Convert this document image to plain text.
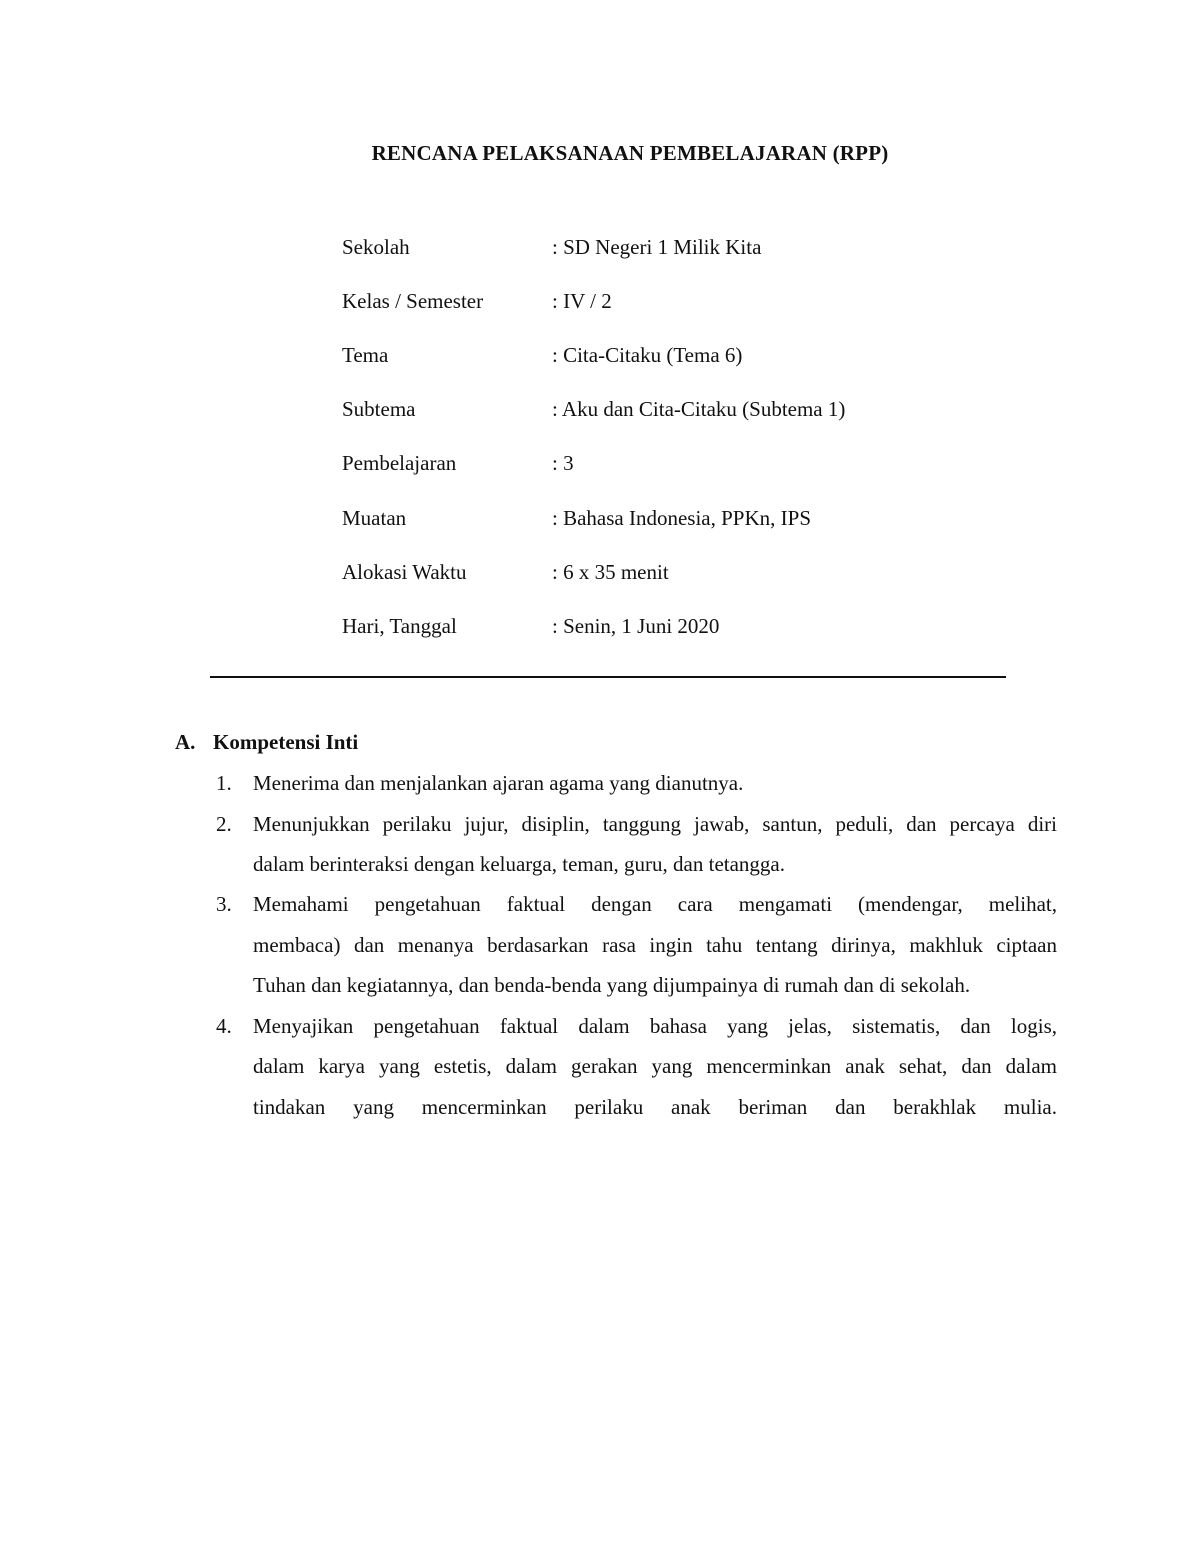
RENCANA PELAKSANAAN PEMBELAJARAN (RPP)
Sekolah	: SD Negeri 1 Milik Kita
Kelas / Semester	: IV / 2
Tema	: Cita-Citaku (Tema 6)
Subtema	: Aku dan Cita-Citaku (Subtema 1)
Pembelajaran	: 3
Muatan	: Bahasa Indonesia, PPKn, IPS
Alokasi Waktu	: 6 x 35 menit
Hari, Tanggal	: Senin, 1 Juni 2020
A. Kompetensi Inti
1. Menerima dan menjalankan ajaran agama yang dianutnya.
2. Menunjukkan perilaku jujur, disiplin, tanggung jawab, santun, peduli, dan percaya diri
dalam berinteraksi dengan keluarga, teman, guru, dan tetangga.
3. Memahami pengetahuan faktual dengan cara mengamati (mendengar, melihat,
membaca) dan menanya berdasarkan rasa ingin tahu tentang dirinya, makhluk ciptaan
Tuhan dan kegiatannya, dan benda-benda yang dijumpainya di rumah dan di sekolah.
4. Menyajikan pengetahuan faktual dalam bahasa yang jelas, sistematis, dan logis,
dalam karya yang estetis, dalam gerakan yang mencerminkan anak sehat, dan dalam
tindakan yang mencerminkan perilaku anak beriman dan berakhlak mulia.
